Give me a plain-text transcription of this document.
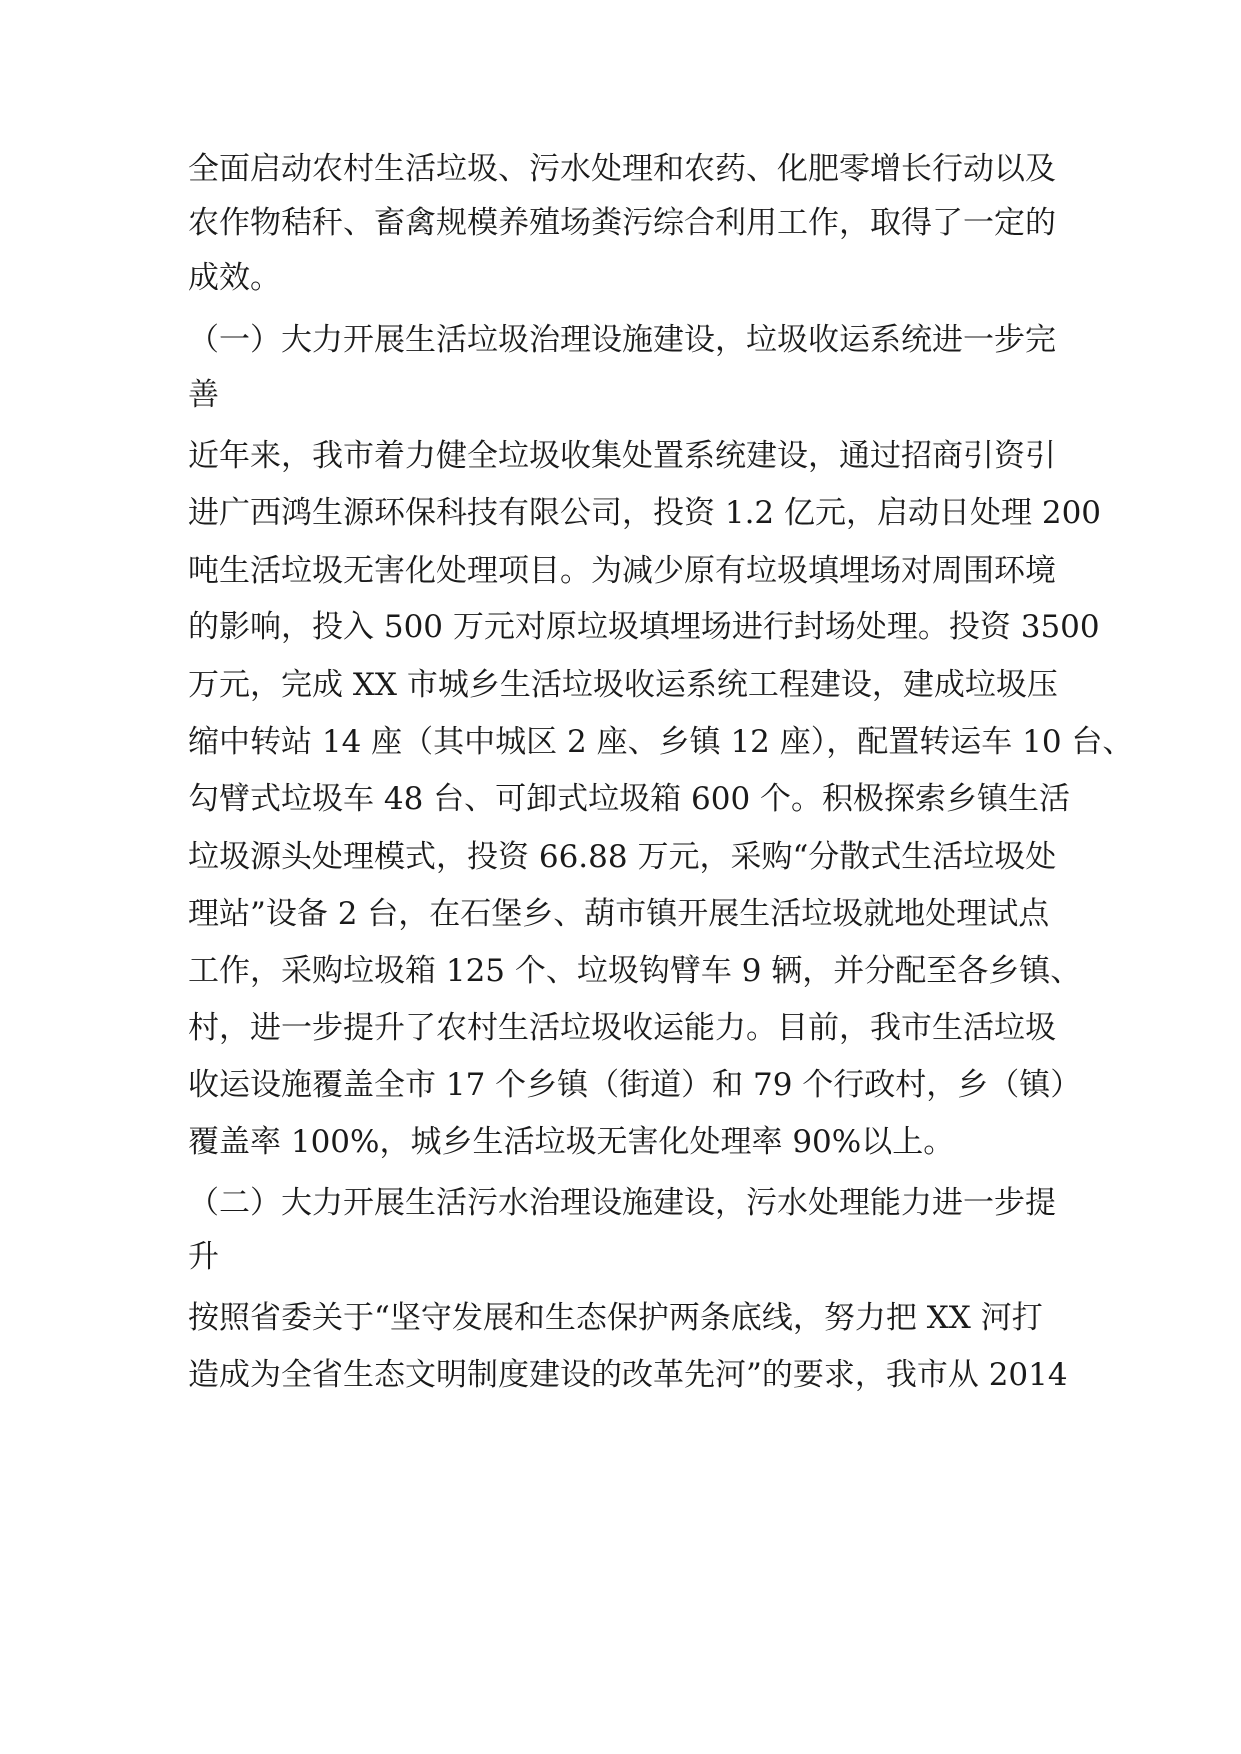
全面启动农村生活垃圾、污水处理和农药、化肥零增长行动以及
农作物秸秆、畜禽规模养殖场粪污综合利用工作，取得了一定的
成效。
（一）大力开展生活垃圾治理设施建设，垃圾收运系统进一步完
善
近年来，我市着力健全垃圾收集处置系统建设，通过招商引资引
进广西鸿生源环保科技有限公司，投资 1.2 亿元，启动日处理 200
吨生活垃圾无害化处理项目。为减少原有垃圾填埋场对周围环境
的影响，投入 500 万元对原垃圾填埋场进行封场处理。投资 3500
万元，完成 XX 市城乡生活垃圾收运系统工程建设，建成垃圾压
缩中转站 14 座（其中城区 2 座、乡镇 12 座），配置转运车 10 台、
勾臂式垃圾车 48 台、可卸式垃圾箱 600 个。积极探索乡镇生活
垃圾源头处理模式，投资 66.88 万元，采购“分散式生活垃圾处
理站”设备 2 台，在石堡乡、葫市镇开展生活垃圾就地处理试点
工作，采购垃圾箱 125 个、垃圾钩臂车 9 辆，并分配至各乡镇、
村，进一步提升了农村生活垃圾收运能力。目前，我市生活垃圾
收运设施覆盖全市 17 个乡镇（街道）和 79 个行政村，乡（镇）
覆盖率 100%，城乡生活垃圾无害化处理率 90%以上。
（二）大力开展生活污水治理设施建设，污水处理能力进一步提
升
按照省委关于“坚守发展和生态保护两条底线，努力把 XX 河打
造成为全省生态文明制度建设的改革先河”的要求，我市从 2014
